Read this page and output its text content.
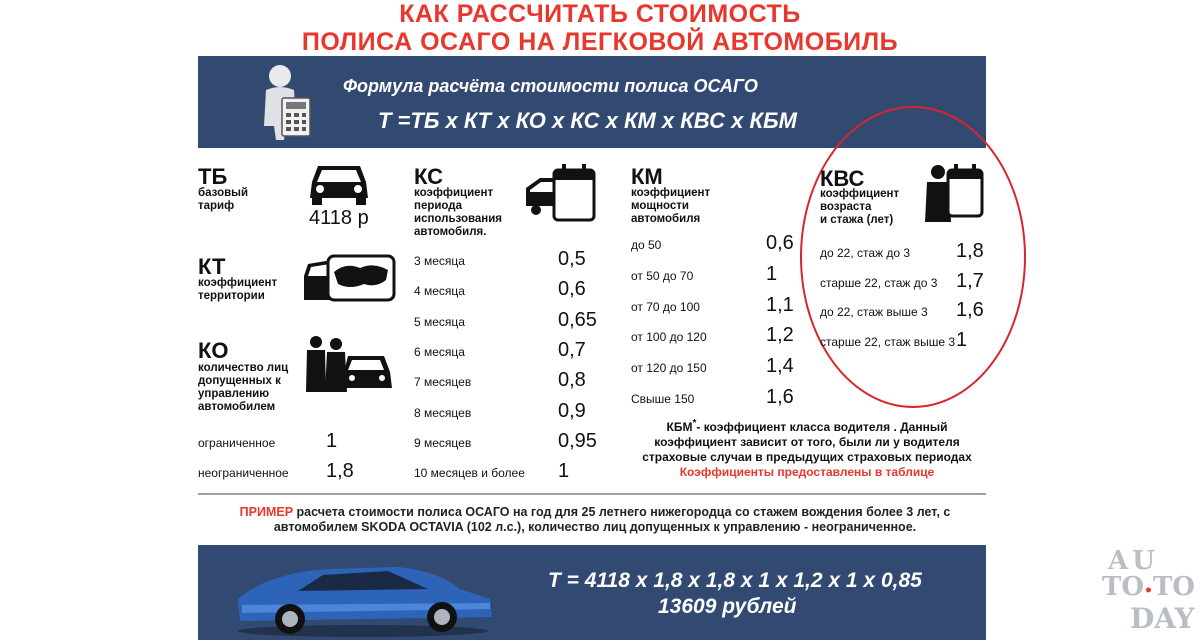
КАК РАССЧИТАТЬ СТОИМОСТЬ
ПОЛИСА ОСАГО НА ЛЕГКОВОЙ АВТОМОБИЛЬ
Формула расчёта стоимости полиса ОСАГО
Т =ТБ х КТ х КО х КС х КМ х КВС х КБМ
ТБ
базовый
тариф
4118 р
КТ
коэффициент
территории
КО
количество лиц
допущенных к
управлению
автомобилем
ограниченное	1
неограниченное 1,8
КС
коэффициент
периода
использования
автомобиля.
3 месяца	0,5
4 месяца	0,6
5 месяца	0,65
6 месяца	0,7
7 месяцев	0,8
8 месяцев	0,9
9 месяцев	0,95
10 месяцев и более 1
КМ
коэффициент
мощности
автомобиля
до 50	0,6
от 50 до 70	1
от 70 до 100	1,1
от 100 до 120	1,2
от 120 до 150	1,4
Свыше 150	1,6
КВС
коэффициент
возраста
и стажа (лет)
до 22, стаж до 3 1,8
старше 22, стаж до 3 1,7
до 22, стаж выше 3 1,6
старше 22, стаж выше 3 1
КБМ*- коэффициент класса водителя . Данный
коэффициент зависит от того, были ли у водителя
страховые случаи в предыдущих страховых периодах
Коэффициенты предоставлены в таблице
ПРИМЕР расчета стоимости полиса ОСАГО на год для 25 летнего нижегородца со стажем вождения более 3 лет, с
автомобилем SKODA OCTAVIA (102 л.с.), количество лиц допущенных к управлению - неограниченное.
Т = 4118 х 1,8 х 1,8 х 1 х 1,2 х 1 х 0,85
13609 рублей
AU
TO•TO
DAY
